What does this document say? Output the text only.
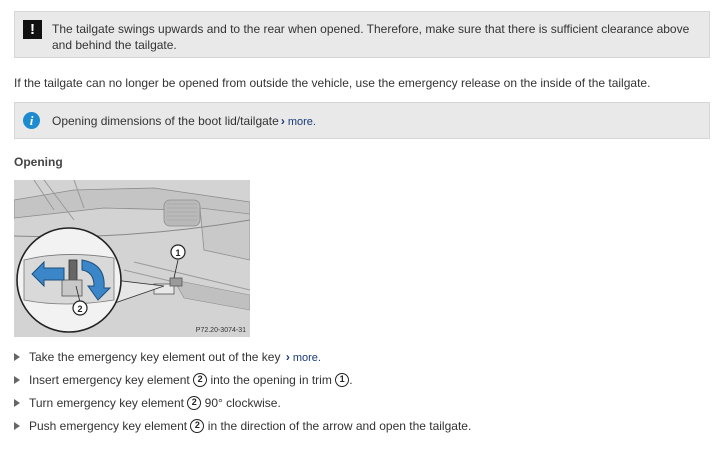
!	The tailgate swings upwards and to the rear when opened. Therefore, make sure that there is sufficient clearance above and behind the tailgate.
If the tailgate can no longer be opened from outside the vehicle, use the emergency release on the inside of the tailgate.
i	Opening dimensions of the boot lid/tailgate › more.
Opening
1
2
P72.20-3074-31
Take the emergency key element out of the key › more.
Insert emergency key element 2 into the opening in trim 1 .
Turn emergency key element 2 90° clockwise.
Push emergency key element 2 in the direction of the arrow and open the tailgate.
